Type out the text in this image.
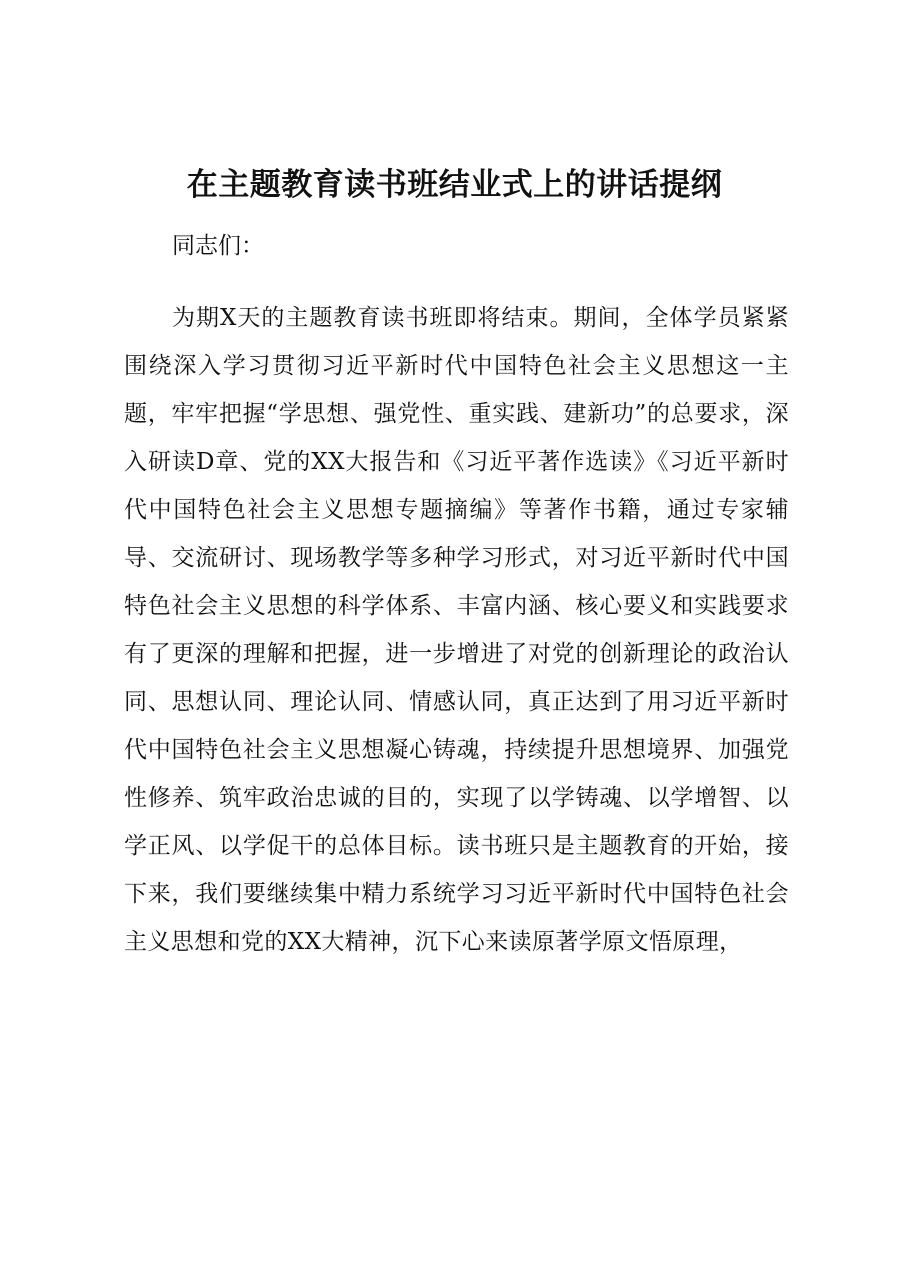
在主题教育读书班结业式上的讲话提纲

同志们：

为期X天的主题教育读书班即将结束。期间，全体学员紧紧围绕深入学习贯彻习近平新时代中国特色社会主义思想这一主题，牢牢把握“学思想、强党性、重实践、建新功”的总要求，深入研读D章、党的XX大报告和《习近平著作选读》《习近平新时代中国特色社会主义思想专题摘编》等著作书籍，通过专家辅导、交流研讨、现场教学等多种学习形式，对习近平新时代中国特色社会主义思想的科学体系、丰富内涵、核心要义和实践要求有了更深的理解和把握，进一步增进了对党的创新理论的政治认同、思想认同、理论认同、情感认同，真正达到了用习近平新时代中国特色社会主义思想凝心铸魂，持续提升思想境界、加强党性修养、筑牢政治忠诚的目的，实现了以学铸魂、以学增智、以学正风、以学促干的总体目标。读书班只是主题教育的开始，接下来，我们要继续集中精力系统学习习近平新时代中国特色社会主义思想和党的XX大精神，沉下心来读原著学原文悟原理，
